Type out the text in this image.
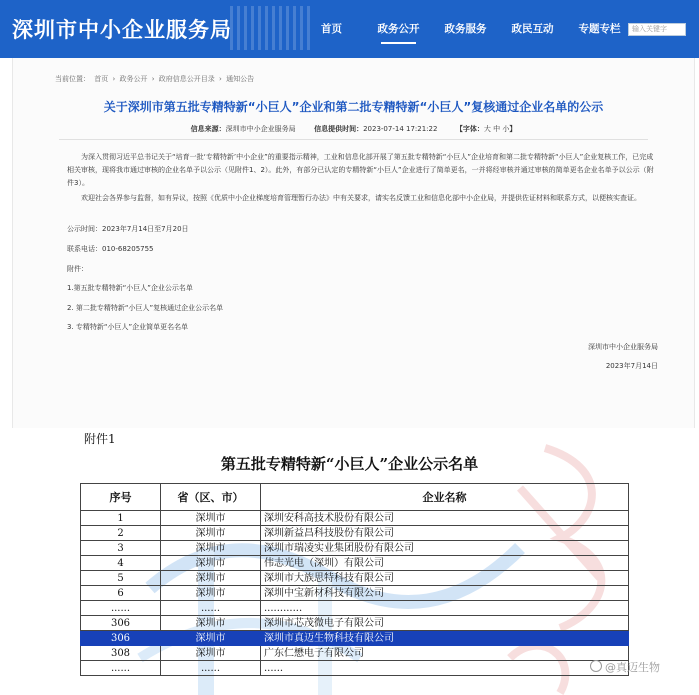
深圳市中小企业服务局	首页	政务公开	政务服务	政民互动	专题专栏	输入关键字
当前位置： 首页 › 政务公开 › 政府信息公开目录 › 通知公告
关于深圳市第五批专精特新“小巨人”企业和第二批专精特新“小巨人”复核通过企业名单的公示
信息来源：深圳市中小企业服务局	信息提供时间：2023-07-14 17:21:22	【字体：大 中 小】
为深入贯彻习近平总书记关于“培育一批‘专精特新’中小企业”的重要指示精神，工业和信息化部开展了第五批专精特新“小巨人”企业培育和第二批专精特新“小巨人”企业复核工作，已完成相关审核，现将我市通过审核的企业名单予以公示（见附件1、2）。此外，有部分已认定的专精特新“小巨人”企业进行了简单更名，一并将经审核并通过审核的简单更名企业名单予以公示（附件3）。
欢迎社会各界参与监督，如有异议，按照《优质中小企业梯度培育管理暂行办法》中有关要求，请实名反馈工业和信息化部中小企业局，并提供佐证材料和联系方式，以便核实查证。
公示时间：2023年7月14日至7月20日
联系电话：010-68205755
附件：
1.第五批专精特新“小巨人”企业公示名单
2. 第二批专精特新“小巨人”复核通过企业公示名单
3. 专精特新“小巨人”企业简单更名名单
深圳市中小企业服务局
2023年7月14日
附件1
第五批专精特新“小巨人”企业公示名单
序号	省（区、市）	企业名称
1	深圳市	深圳安科高技术股份有限公司
2	深圳市	深圳新益昌科技股份有限公司
3	深圳市	深圳市瑞凌实业集团股份有限公司
4	深圳市	伟志光电（深圳）有限公司
5	深圳市	深圳市大族思特科技有限公司
6	深圳市	深圳中宝新材科技有限公司
......	......	............
306	深圳市	深圳市芯茂微电子有限公司
306	深圳市	深圳市真迈生物科技有限公司
308	深圳市	广东仁懋电子有限公司
......	......	......	@真迈生物
